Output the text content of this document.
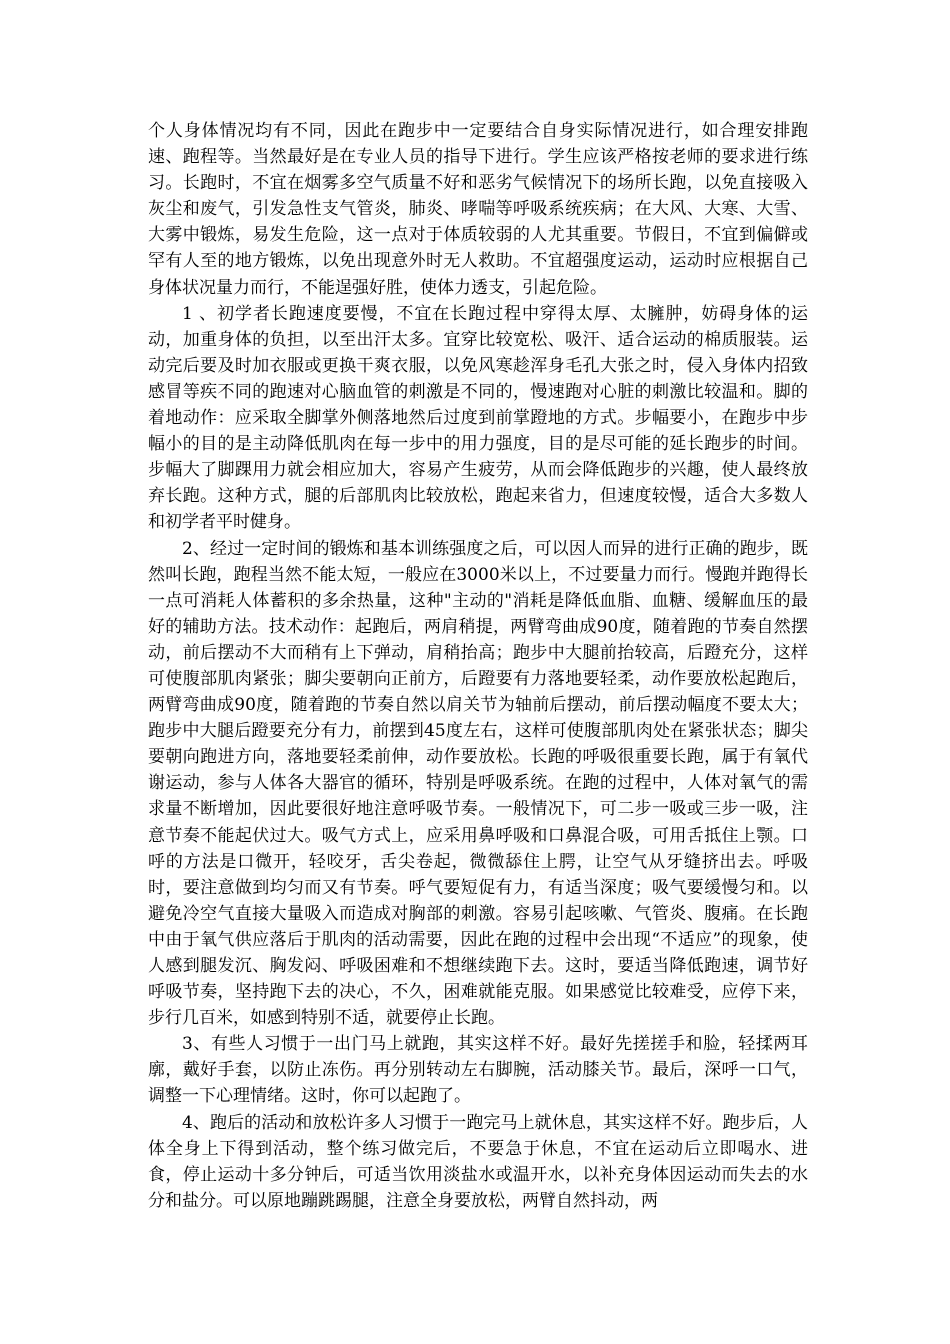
个人身体情况均有不同，因此在跑步中一定要结合自身实际情况进行，如合理安排跑速、跑程等。当然最好是在专业人员的指导下进行。学生应该严格按老师的要求进行练习。长跑时，不宜在烟雾多空气质量不好和恶劣气候情况下的场所长跑，以免直接吸入灰尘和废气，引发急性支气管炎，肺炎、哮喘等呼吸系统疾病；在大风、大寒、大雪、大雾中锻炼，易发生危险，这一点对于体质较弱的人尤其重要。节假日，不宜到偏僻或罕有人至的地方锻炼，以免出现意外时无人救助。不宜超强度运动，运动时应根据自己身体状况量力而行，不能逞强好胜，使体力透支，引起危险。

1 、初学者长跑速度要慢，不宜在长跑过程中穿得太厚、太臃肿，妨碍身体的运动，加重身体的负担，以至出汗太多。宜穿比较宽松、吸汗、适合运动的棉质服装。运动完后要及时加衣服或更换干爽衣服，以免风寒趁浑身毛孔大张之时，侵入身体内招致感冒等疾不同的跑速对心脑血管的刺激是不同的，慢速跑对心脏的刺激比较温和。脚的着地动作：应采取全脚掌外侧落地然后过度到前掌蹬地的方式。步幅要小，在跑步中步幅小的目的是主动降低肌肉在每一步中的用力强度，目的是尽可能的延长跑步的时间。步幅大了脚踝用力就会相应加大，容易产生疲劳，从而会降低跑步的兴趣，使人最终放弃长跑。这种方式，腿的后部肌肉比较放松，跑起来省力，但速度较慢，适合大多数人和初学者平时健身。

2、经过一定时间的锻炼和基本训练强度之后，可以因人而异的进行正确的跑步，既然叫长跑，跑程当然不能太短，一般应在3000米以上，不过要量力而行。慢跑并跑得长一点可消耗人体蓄积的多余热量，这种"主动的"消耗是降低血脂、血糖、缓解血压的最好的辅助方法。技术动作：起跑后，两肩稍提，两臂弯曲成90度，随着跑的节奏自然摆动，前后摆动不大而稍有上下弹动，肩稍抬高；跑步中大腿前抬较高，后蹬充分，这样可使腹部肌肉紧张；脚尖要朝向正前方，后蹬要有力落地要轻柔，动作要放松起跑后，两臂弯曲成90度，随着跑的节奏自然以肩关节为轴前后摆动，前后摆动幅度不要太大；跑步中大腿后蹬要充分有力，前摆到45度左右，这样可使腹部肌肉处在紧张状态；脚尖要朝向跑进方向，落地要轻柔前伸，动作要放松。长跑的呼吸很重要长跑，属于有氧代谢运动，参与人体各大器官的循环，特别是呼吸系统。在跑的过程中，人体对氧气的需求量不断增加，因此要很好地注意呼吸节奏。一般情况下，可二步一吸或三步一吸，注意节奏不能起伏过大。吸气方式上，应采用鼻呼吸和口鼻混合吸，可用舌抵住上颚。口呼的方法是口微开，轻咬牙，舌尖卷起，微微舔住上腭，让空气从牙缝挤出去。呼吸时，要注意做到均匀而又有节奏。呼气要短促有力，有适当深度；吸气要缓慢匀和。以避免冷空气直接大量吸入而造成对胸部的刺激。容易引起咳嗽、气管炎、腹痛。在长跑中由于氧气供应落后于肌肉的活动需要，因此在跑的过程中会出现“不适应”的现象，使人感到腿发沉、胸发闷、呼吸困难和不想继续跑下去。这时，要适当降低跑速，调节好呼吸节奏，坚持跑下去的决心，不久，困难就能克服。如果感觉比较难受，应停下来，步行几百米，如感到特别不适，就要停止长跑。

3、有些人习惯于一出门马上就跑，其实这样不好。最好先搓搓手和脸，轻揉两耳廓，戴好手套，以防止冻伤。再分别转动左右脚腕，活动膝关节。最后，深呼一口气，调整一下心理情绪。这时，你可以起跑了。

4、跑后的活动和放松许多人习惯于一跑完马上就休息，其实这样不好。跑步后，人体全身上下得到活动，整个练习做完后，不要急于休息，不宜在运动后立即喝水、进食，停止运动十多分钟后，可适当饮用淡盐水或温开水，以补充身体因运动而失去的水分和盐分。可以原地蹦跳踢腿，注意全身要放松，两臂自然抖动，两
